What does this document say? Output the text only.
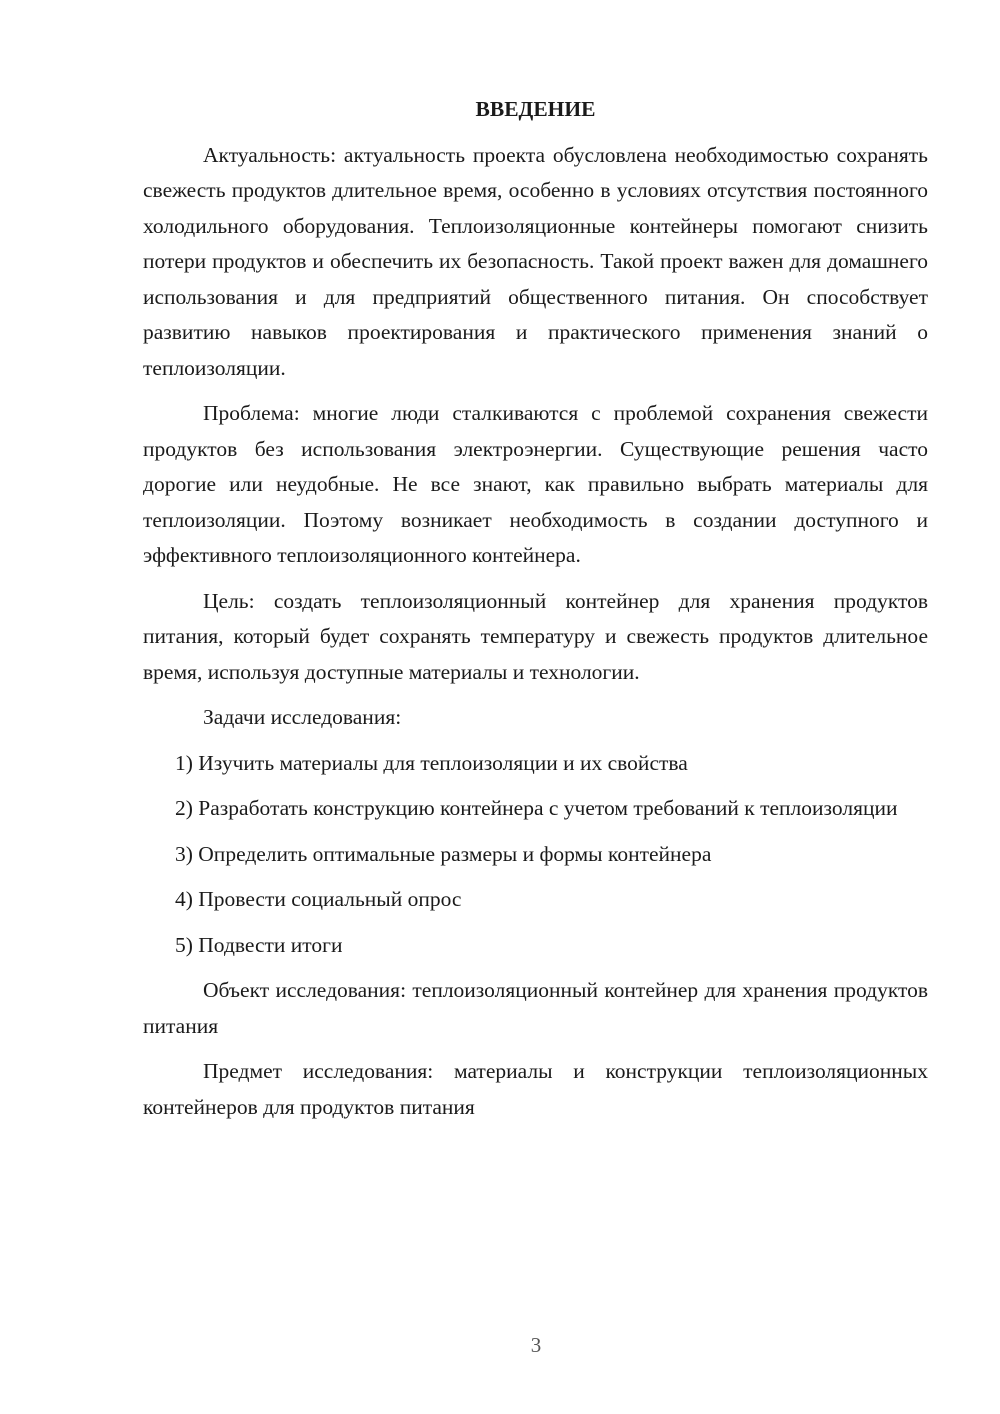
ВВЕДЕНИЕ

Актуальность: актуальность проекта обусловлена необходимостью сохранять свежесть продуктов длительное время, особенно в условиях отсутствия постоянного холодильного оборудования. Теплоизоляционные контейнеры помогают снизить потери продуктов и обеспечить их безопасность. Такой проект важен для домашнего использования и для предприятий общественного питания. Он способствует развитию навыков проектирования и практического применения знаний о теплоизоляции.

Проблема: многие люди сталкиваются с проблемой сохранения свежести продуктов без использования электроэнергии. Существующие решения часто дорогие или неудобные. Не все знают, как правильно выбрать материалы для теплоизоляции. Поэтому возникает необходимость в создании доступного и эффективного теплоизоляционного контейнера.

Цель: создать теплоизоляционный контейнер для хранения продуктов питания, который будет сохранять температуру и свежесть продуктов длительное время, используя доступные материалы и технологии.

Задачи исследования:

1) Изучить материалы для теплоизоляции и их свойства

2) Разработать конструкцию контейнера с учетом требований к теплоизоляции

3) Определить оптимальные размеры и формы контейнера

4) Провести социальный опрос

5) Подвести итоги

Объект исследования: теплоизоляционный контейнер для хранения продуктов питания

Предмет исследования: материалы и конструкции теплоизоляционных контейнеров для продуктов питания

3
